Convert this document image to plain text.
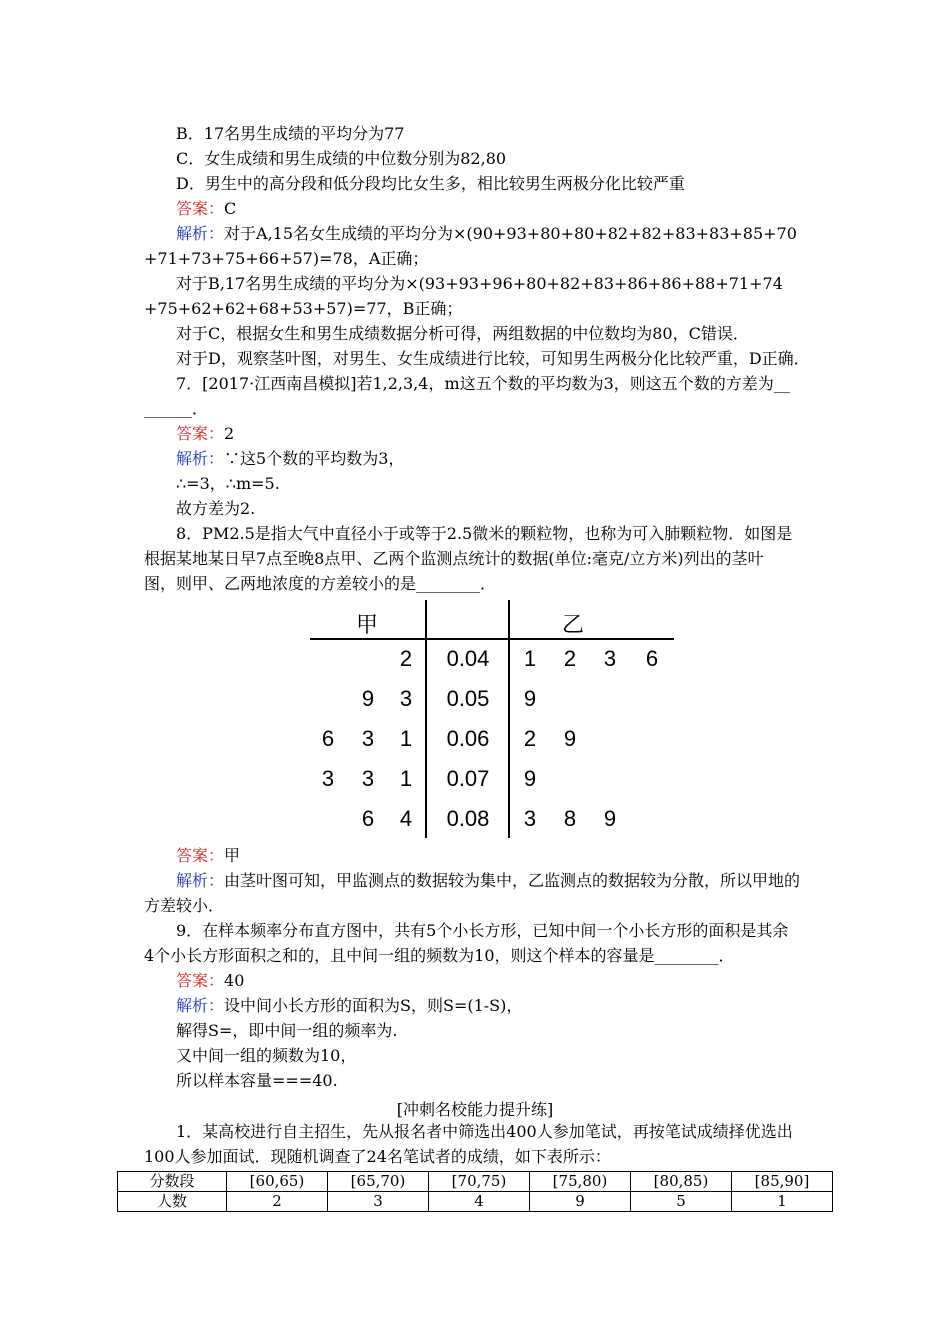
B．17名男生成绩的平均分为77
C．女生成绩和男生成绩的中位数分别为82,80
D．男生中的高分段和低分段均比女生多，相比较男生两极分化比较严重
答案：C
解析：对于A,15名女生成绩的平均分为×(90+93+80+80+82+82+83+83+85+70
+71+73+75+66+57)=78，A正确；
对于B,17名男生成绩的平均分为×(93+93+96+80+82+83+86+86+88+71+74
+75+62+62+68+53+57)=77，B正确；
对于C，根据女生和男生成绩数据分析可得，两组数据的中位数均为80，C错误．
对于D，观察茎叶图，对男生、女生成绩进行比较，可知男生两极分化比较严重，D正确．
7．[2017·江西南昌模拟]若1,2,3,4，m这五个数的平均数为3，则这五个数的方差为__
______．
答案：2
解析：∵这5个数的平均数为3，
∴=3，∴m=5.
故方差为2.
8．PM2.5是指大气中直径小于或等于2.5微米的颗粒物，也称为可入肺颗粒物．如图是
根据某地某日早7点至晚8点甲、乙两个监测点统计的数据(单位:毫克/立方米)列出的茎叶
图，则甲、乙两地浓度的方差较小的是________．
甲	乙
2	0.04	1 2 3 6
9 3	0.05	9
6 3 1	0.06	2 9
3 3 1	0.07	9
6 4	0.08	3 8 9
答案：甲
解析：由茎叶图可知，甲监测点的数据较为集中，乙监测点的数据较为分散，所以甲地的
方差较小．
9．在样本频率分布直方图中，共有5个小长方形，已知中间一个小长方形的面积是其余
4个小长方形面积之和的，且中间一组的频数为10，则这个样本的容量是________．
答案：40
解析：设中间小长方形的面积为S，则S=(1-S)，
解得S=，即中间一组的频率为.
又中间一组的频数为10，
所以样本容量===40.
[冲刺名校能力提升练]
1．某高校进行自主招生，先从报名者中筛选出400人参加笔试，再按笔试成绩择优选出
100人参加面试．现随机调查了24名笔试者的成绩，如下表所示：
分数段	[60,65)	[65,70)	[70,75)	[75,80)	[80,85)	[85,90]
人数	2	3	4	9	5	1
